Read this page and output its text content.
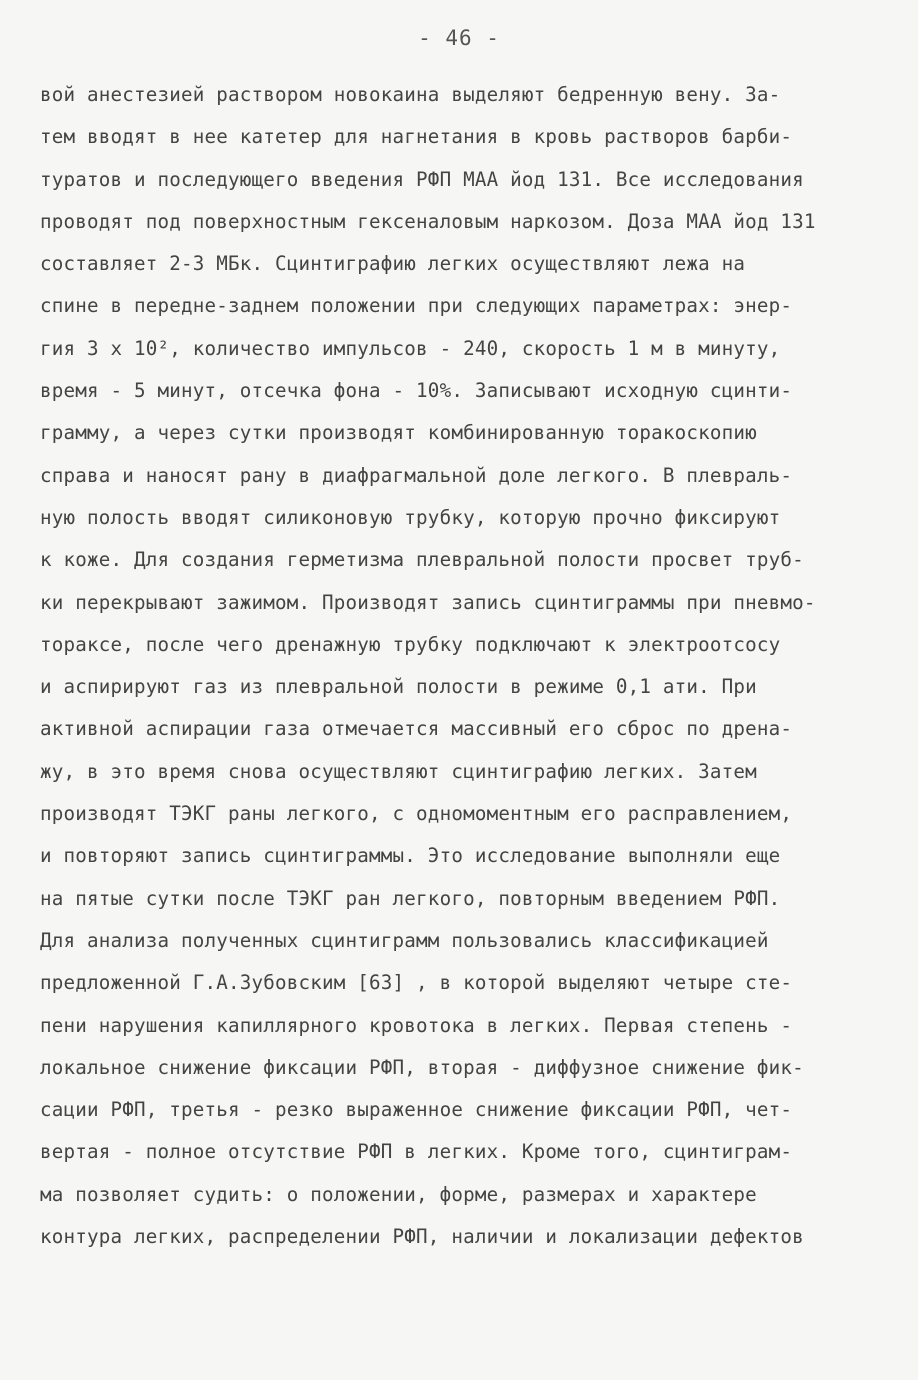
- 46 -
вой анестезией раствором новокаина выделяют бедренную вену. За-
тем вводят в нее катетер для нагнетания в кровь растворов барби-
туратов и последующего введения РФП МАА йод 131. Все исследования
проводят под поверхностным гексеналовым наркозом. Доза МАА йод 131
составляет 2-3 МБк. Сцинтиграфию легких осуществляют лежа на
спине в передне-заднем положении при следующих параметрах: энер-
гия 3 х 10², количество импульсов - 240, скорость 1 м в минуту,
время - 5 минут, отсечка фона - 10%. Записывают исходную сцинти-
грамму, а через сутки производят комбинированную торакоскопию
справа и наносят рану в диафрагмальной доле легкого. В плевраль-
ную полость вводят силиконовую трубку, которую прочно фиксируют
к коже. Для создания герметизма плевральной полости просвет труб-
ки перекрывают зажимом. Производят запись сцинтиграммы при пневмо-
тораксе, после чего дренажную трубку подключают к электроотсосу
и аспирируют газ из плевральной полости в режиме 0,1 ати. При
активной аспирации газа отмечается массивный его сброс по дрена-
жу, в это время снова осуществляют сцинтиграфию легких. Затем
производят ТЭКГ раны легкого, с одномоментным его расправлением,
и повторяют запись сцинтиграммы. Это исследование выполняли еще
на пятые сутки после ТЭКГ ран легкого, повторным введением РФП.
Для анализа полученных сцинтиграмм пользовались классификацией
предложенной Г.А.Зубовским [63] , в которой выделяют четыре сте-
пени нарушения капиллярного кровотока в легких. Первая степень -
локальное снижение фиксации РФП, вторая - диффузное снижение фик-
сации РФП, третья - резко выраженное снижение фиксации РФП, чет-
вертая - полное отсутствие РФП в легких. Кроме того, сцинтиграм-
ма позволяет судить: о положении, форме, размерах и характере
контура легких, распределении РФП, наличии и локализации дефектов
